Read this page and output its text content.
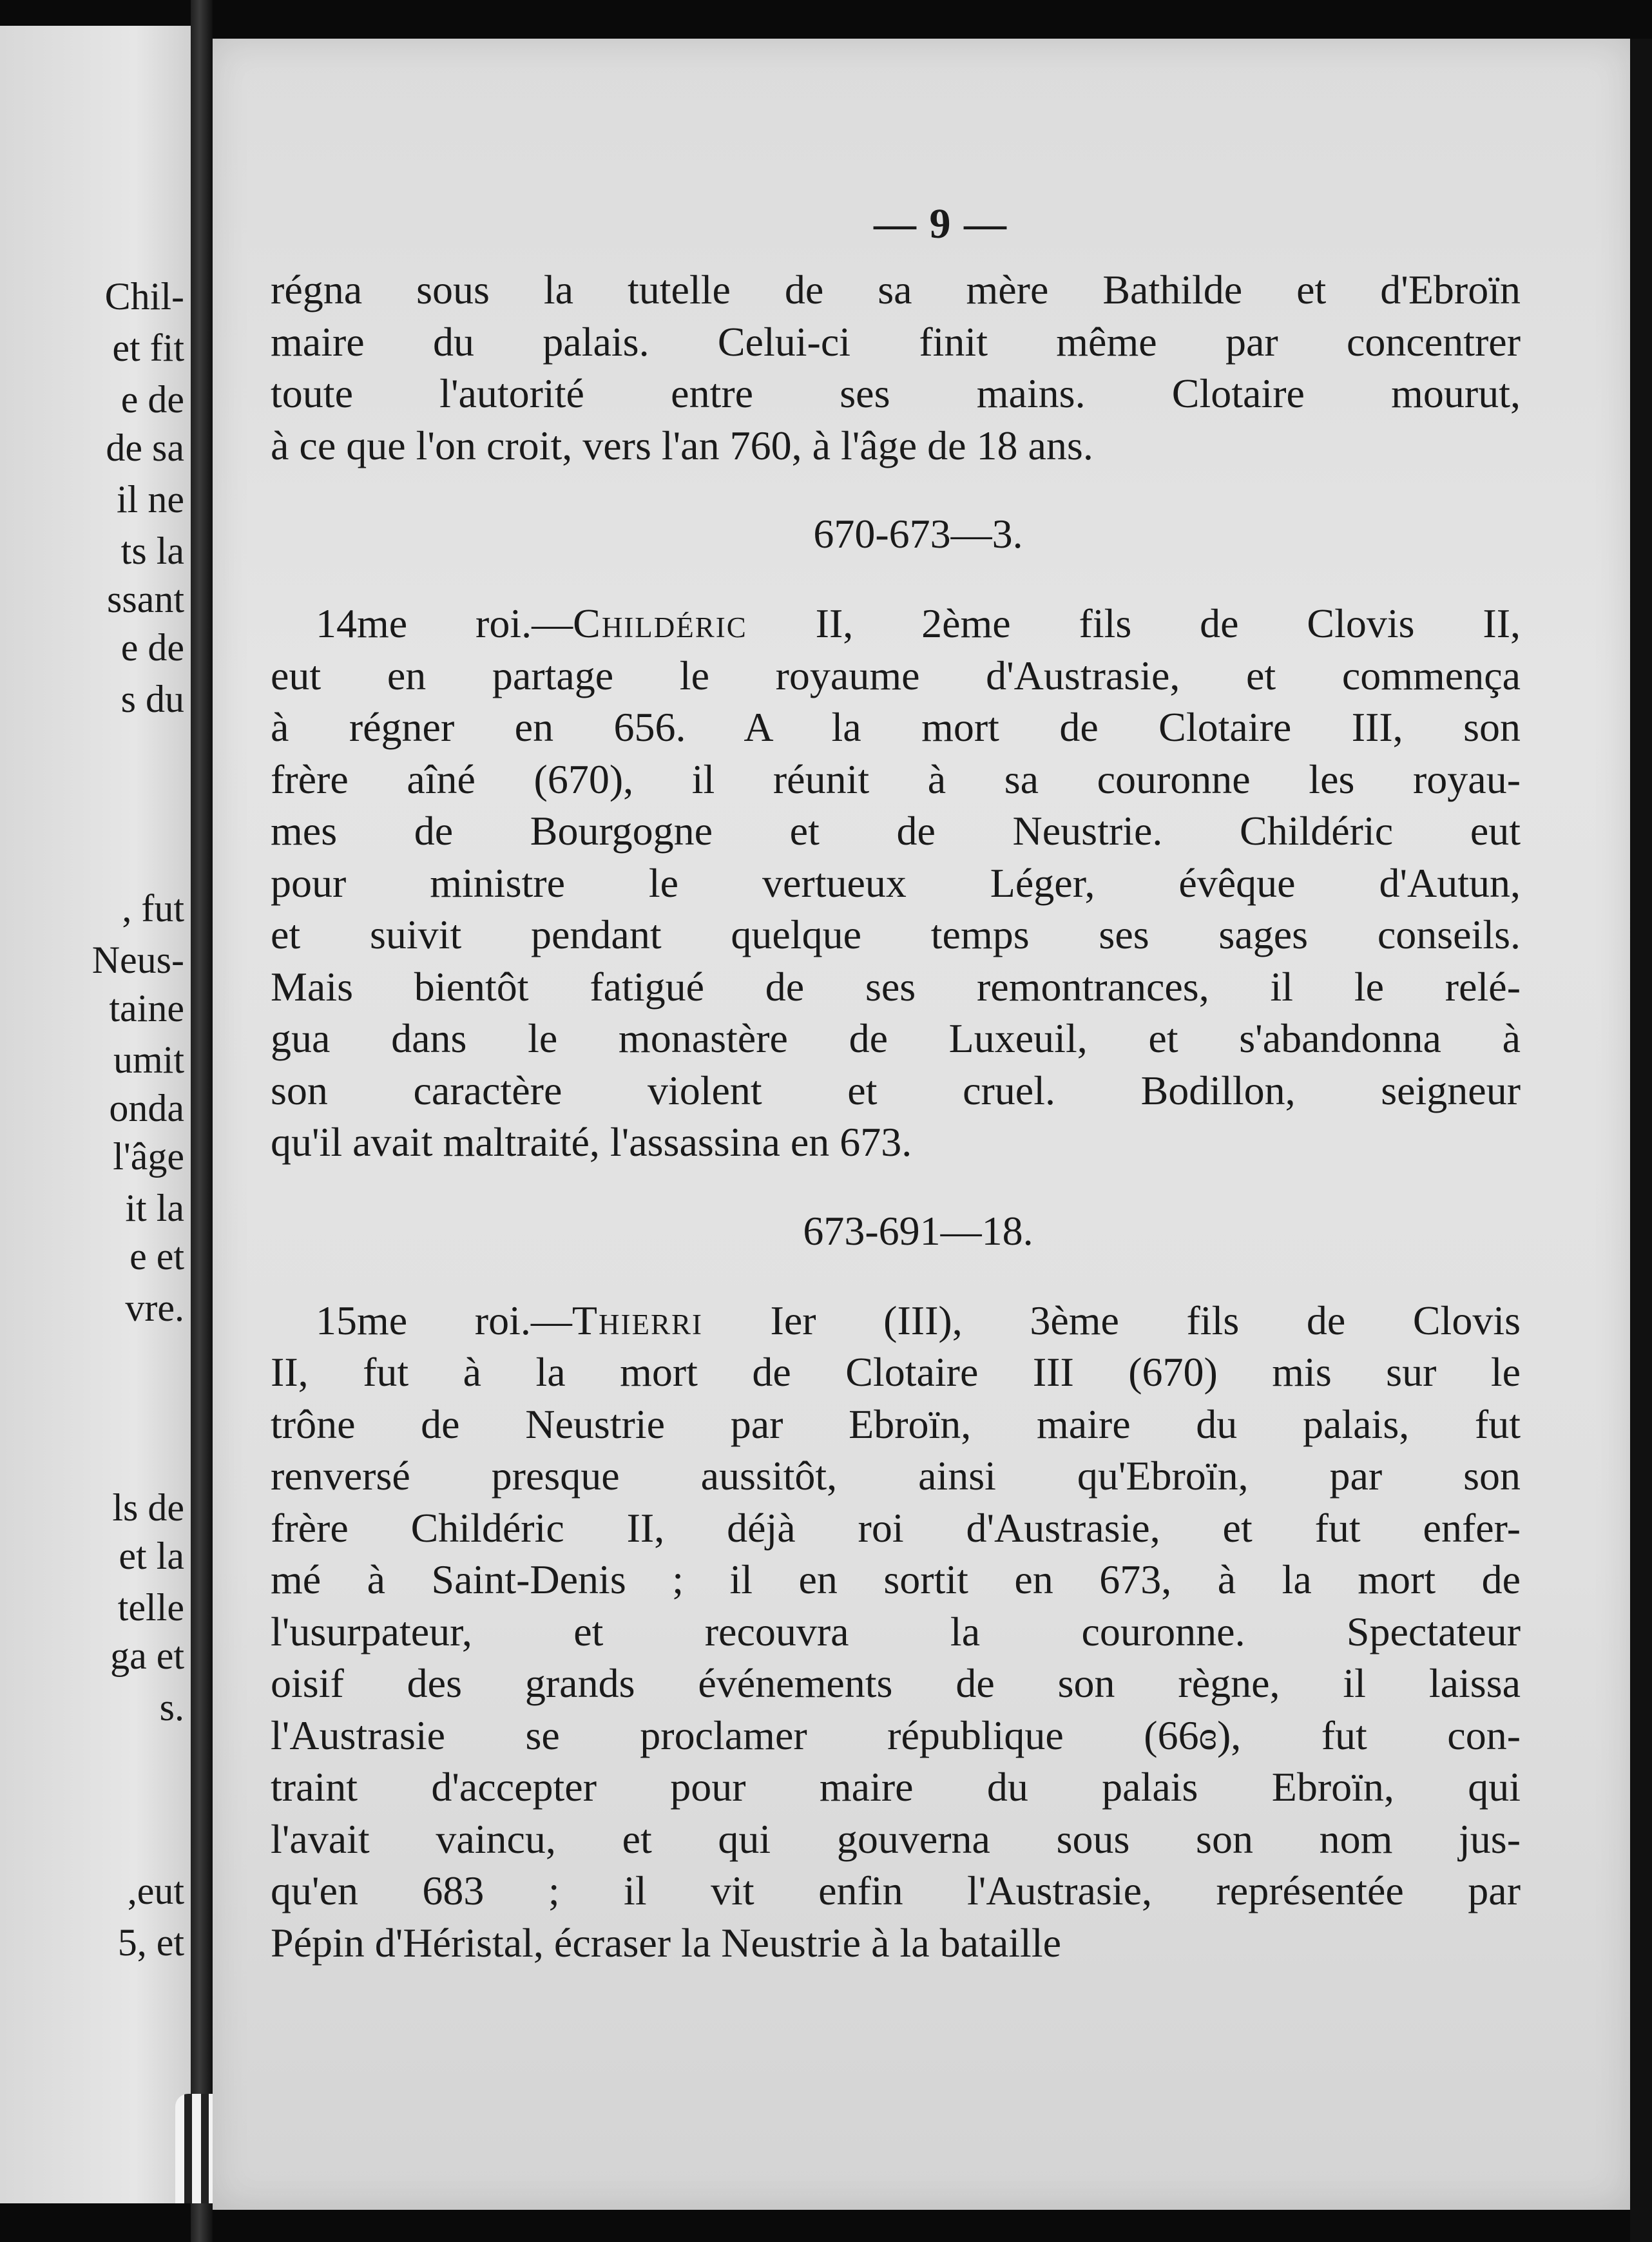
Chil-
et fit
e de
de sa
il ne
ts la
ssant
e de
s du
, fut
Neus-
taine
umit
onda
l'âge
it la
e et
vre.
ls de
et la
telle
ga et
s.
,eut
5, et
— 9 —
régna sous la tutelle de sa mère Bathilde et d'Ebroïn
maire du palais. Celui-ci finit même par concentrer
toute l'autorité entre ses mains. Clotaire mourut,
à ce que l'on croit, vers l'an 760, à l'âge de 18 ans.
670-673—3.
14me roi.—Childéric II, 2ème fils de Clovis II,
eut en partage le royaume d'Austrasie, et commença
à régner en 656. A la mort de Clotaire III, son
frère aîné (670), il réunit à sa couronne les royau-
mes de Bourgogne et de Neustrie. Childéric eut
pour ministre le vertueux Léger, évêque d'Autun,
et suivit pendant quelque temps ses sages conseils.
Mais bientôt fatigué de ses remontrances, il le relé-
gua dans le monastère de Luxeuil, et s'abandonna à
son caractère violent et cruel. Bodillon, seigneur
qu'il avait maltraité, l'assassina en 673.
673-691—18.
15me roi.—Thierri Ier (III), 3ème fils de Clovis
II, fut à la mort de Clotaire III (670) mis sur le
trône de Neustrie par Ebroïn, maire du palais, fut
renversé presque aussitôt, ainsi qu'Ebroïn, par son
frère Childéric II, déjà roi d'Austrasie, et fut enfer-
mé à Saint-Denis ; il en sortit en 673, à la mort de
l'usurpateur, et recouvra la couronne. Spectateur
oisif des grands événements de son règne, il laissa
l'Austrasie se proclamer république (66ɞ), fut con-
traint d'accepter pour maire du palais Ebroïn, qui
l'avait vaincu, et qui gouverna sous son nom jus-
qu'en 683 ; il vit enfin l'Austrasie, représentée par
Pépin d'Héristal, écraser la Neustrie à la bataille
